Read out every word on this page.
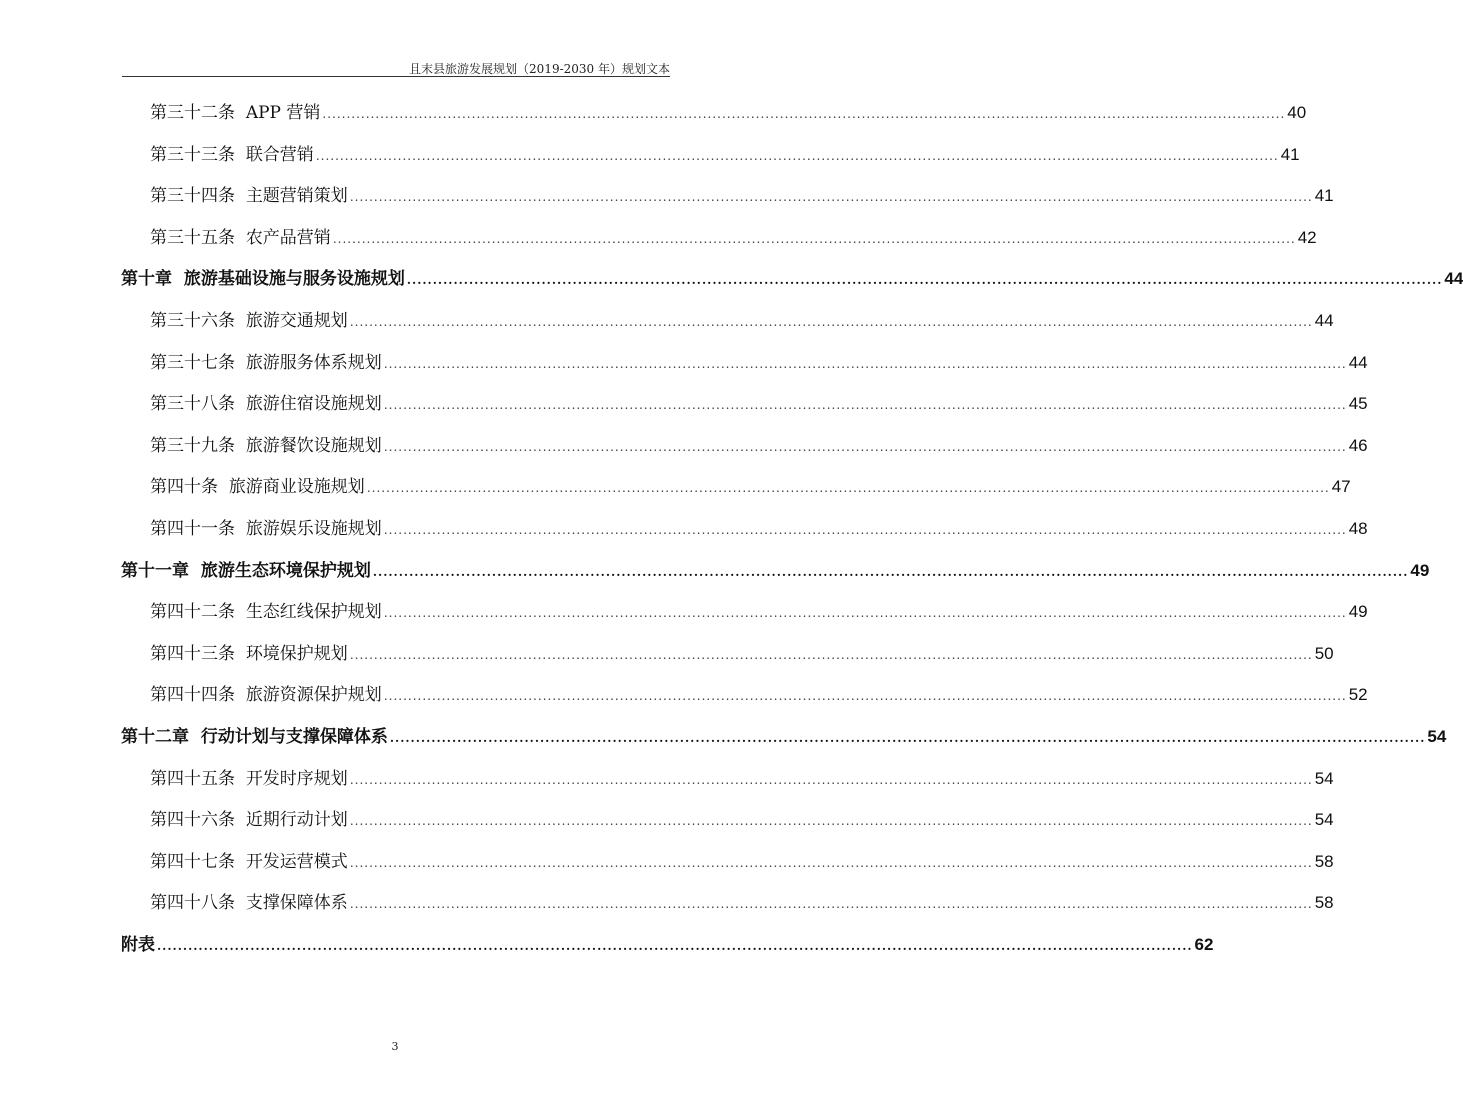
且末县旅游发展规划（2019-2030 年）规划文本
第三十二条
APP 营销 ........................................................................................................................................................................................................ 40
第三十三条
联合营销 ........................................................................................................................................................................................................ 41
第三十四条
主题营销策划 ........................................................................................................................................................................................................ 41
第三十五条
农产品营销 ........................................................................................................................................................................................................ 42
第十章
旅游基础设施与服务设施规划 ........................................................................................................................................................................................................ 44
第三十六条
旅游交通规划 ........................................................................................................................................................................................................ 44
第三十七条
旅游服务体系规划 ........................................................................................................................................................................................................ 44
第三十八条
旅游住宿设施规划 ........................................................................................................................................................................................................ 45
第三十九条
旅游餐饮设施规划 ........................................................................................................................................................................................................ 46
第四十条
旅游商业设施规划 ........................................................................................................................................................................................................ 47
第四十一条
旅游娱乐设施规划 ........................................................................................................................................................................................................ 48
第十一章
旅游生态环境保护规划 ........................................................................................................................................................................................................ 49
第四十二条
生态红线保护规划 ........................................................................................................................................................................................................ 49
第四十三条
环境保护规划 ........................................................................................................................................................................................................ 50
第四十四条
旅游资源保护规划 ........................................................................................................................................................................................................ 52
第十二章
行动计划与支撑保障体系 ........................................................................................................................................................................................................ 54
第四十五条
开发时序规划 ........................................................................................................................................................................................................ 54
第四十六条
近期行动计划 ........................................................................................................................................................................................................ 54
第四十七条
开发运营模式 ........................................................................................................................................................................................................ 58
第四十八条
支撑保障体系 ........................................................................................................................................................................................................ 58
附表 ........................................................................................................................................................................................................ 62
3
